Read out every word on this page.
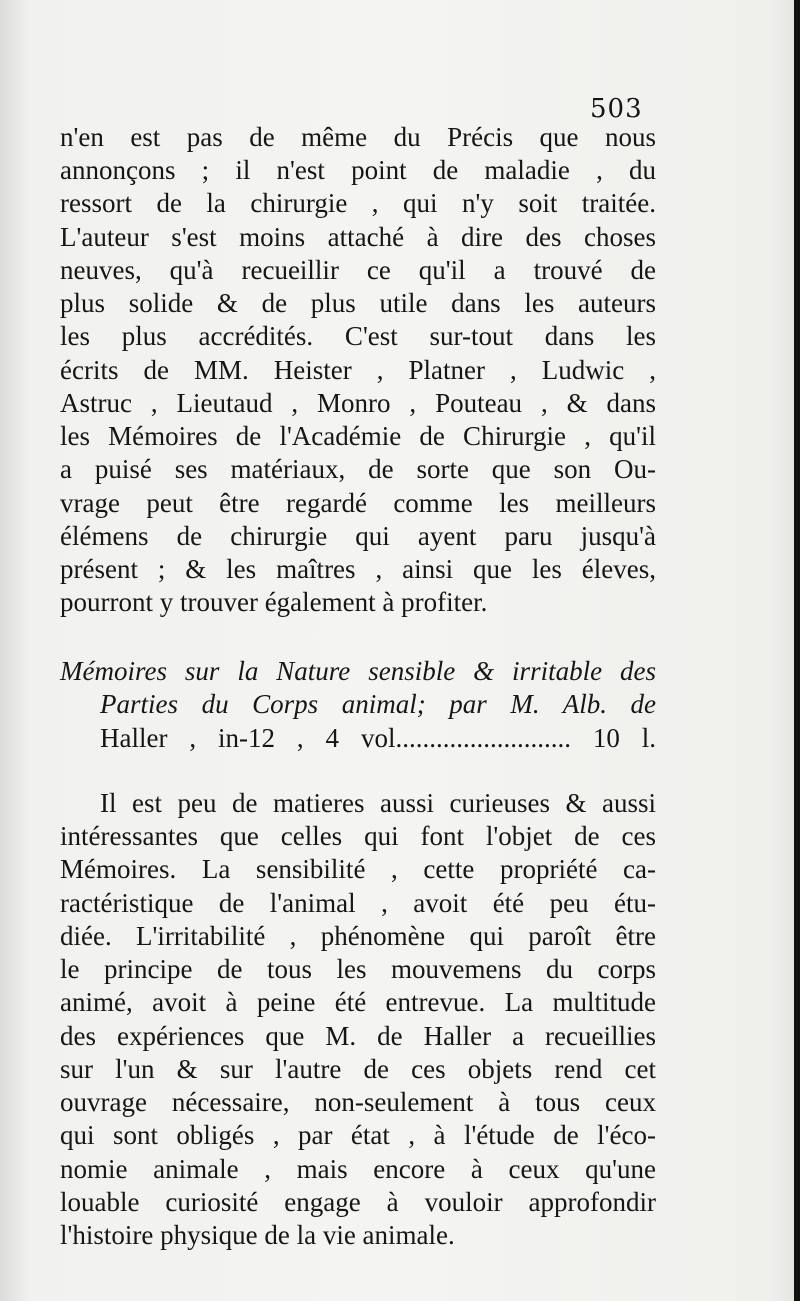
503
n'en est pas de même du Précis que nous
annonçons ; il n'est point de maladie , du
ressort de la chirurgie , qui n'y soit traitée.
L'auteur s'est moins attaché à dire des choses
neuves, qu'à recueillir ce qu'il a trouvé de
plus solide & de plus utile dans les auteurs
les plus accrédités. C'est sur-tout dans les
écrits de MM. Heister , Platner , Ludwic ,
Astruc , Lieutaud , Monro , Pouteau , & dans
les Mémoires de l'Académie de Chirurgie , qu'il
a puisé ses matériaux, de sorte que son Ou-
vrage peut être regardé comme les meilleurs
élémens de chirurgie qui ayent paru jusqu'à
présent ; & les maîtres , ainsi que les éleves,
pourront y trouver également à profiter.
Mémoires sur la Nature sensible & irritable des
Parties du Corps animal; par M. Alb. de
Haller , in-12 , 4 vol.......................... 10 l.
Il est peu de matieres aussi curieuses & aussi
intéressantes que celles qui font l'objet de ces
Mémoires. La sensibilité , cette propriété ca-
ractéristique de l'animal , avoit été peu étu-
diée. L'irritabilité , phénomène qui paroît être
le principe de tous les mouvemens du corps
animé, avoit à peine été entrevue. La multitude
des expériences que M. de Haller a recueillies
sur l'un & sur l'autre de ces objets rend cet
ouvrage nécessaire, non-seulement à tous ceux
qui sont obligés , par état , à l'étude de l'éco-
nomie animale , mais encore à ceux qu'une
louable curiosité engage à vouloir approfondir
l'histoire physique de la vie animale.
